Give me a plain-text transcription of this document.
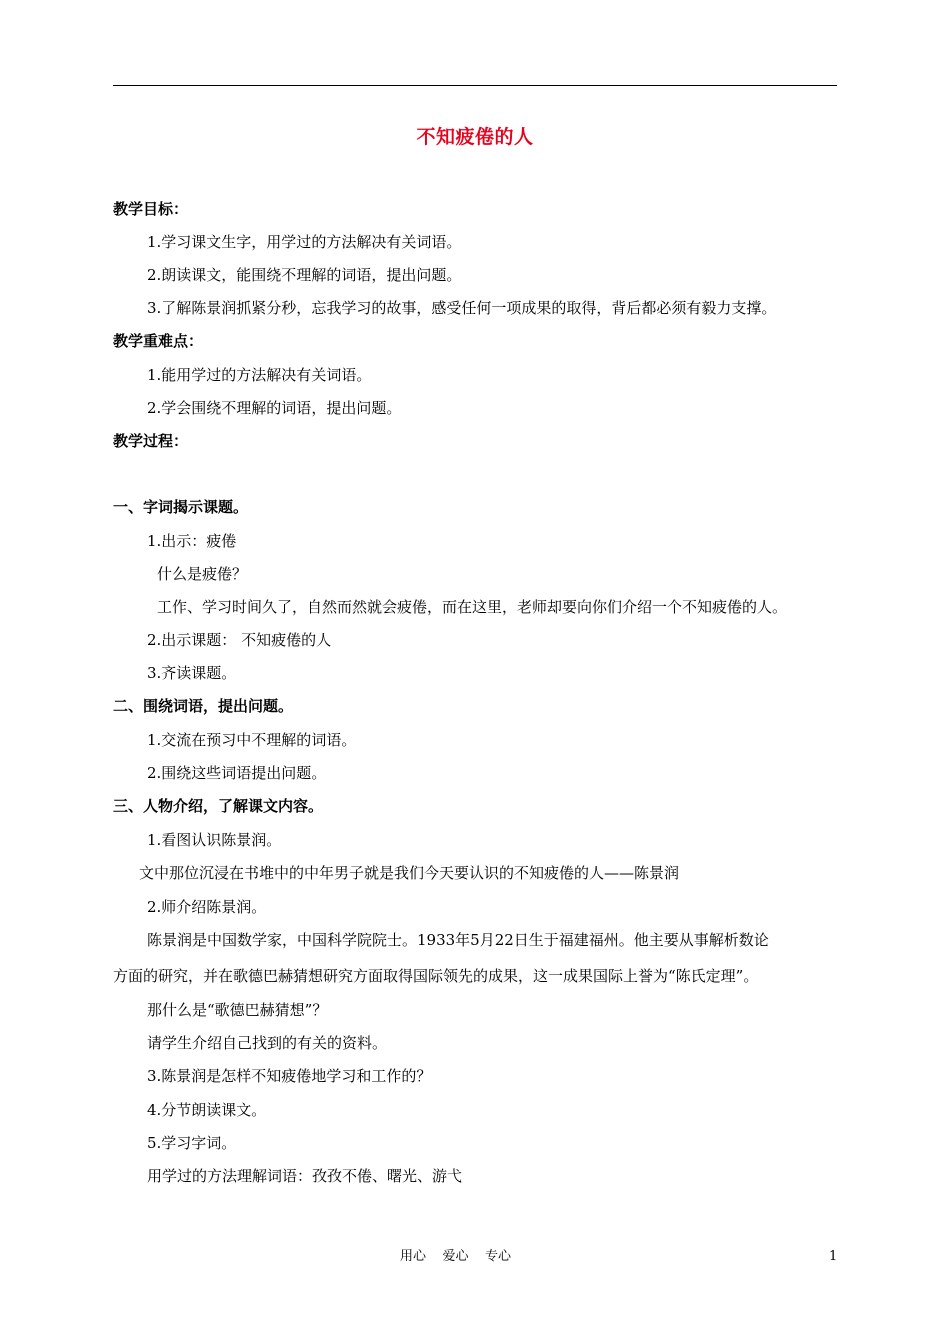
不知疲倦的人
教学目标：
1.学习课文生字，用学过的方法解决有关词语。
2.朗读课文，能围绕不理解的词语，提出问题。
3.了解陈景润抓紧分秒，忘我学习的故事，感受任何一项成果的取得，背后都必须有毅力支撑。
教学重难点：
1.能用学过的方法解决有关词语。
2.学会围绕不理解的词语，提出问题。
教学过程：
一、字词揭示课题。
1.出示：疲倦
什么是疲倦？
工作、学习时间久了，自然而然就会疲倦，而在这里，老师却要向你们介绍一个不知疲倦的人。
2.出示课题： 不知疲倦的人
3.齐读课题。
二、围绕词语，提出问题。
1.交流在预习中不理解的词语。
2.围绕这些词语提出问题。
三、人物介绍，了解课文内容。
1.看图认识陈景润。
文中那位沉浸在书堆中的中年男子就是我们今天要认识的不知疲倦的人——陈景润
2.师介绍陈景润。
陈景润是中国数学家，中国科学院院士。1933年5月22日生于福建福州。他主要从事解析数论
方面的研究，并在歌德巴赫猜想研究方面取得国际领先的成果，这一成果国际上誉为“陈氏定理”。
那什么是“歌德巴赫猜想”？
请学生介绍自己找到的有关的资料。
3.陈景润是怎样不知疲倦地学习和工作的？
4.分节朗读课文。
5.学习字词。
用学过的方法理解词语：孜孜不倦、曙光、游弋
用心    爱心    专心	1
